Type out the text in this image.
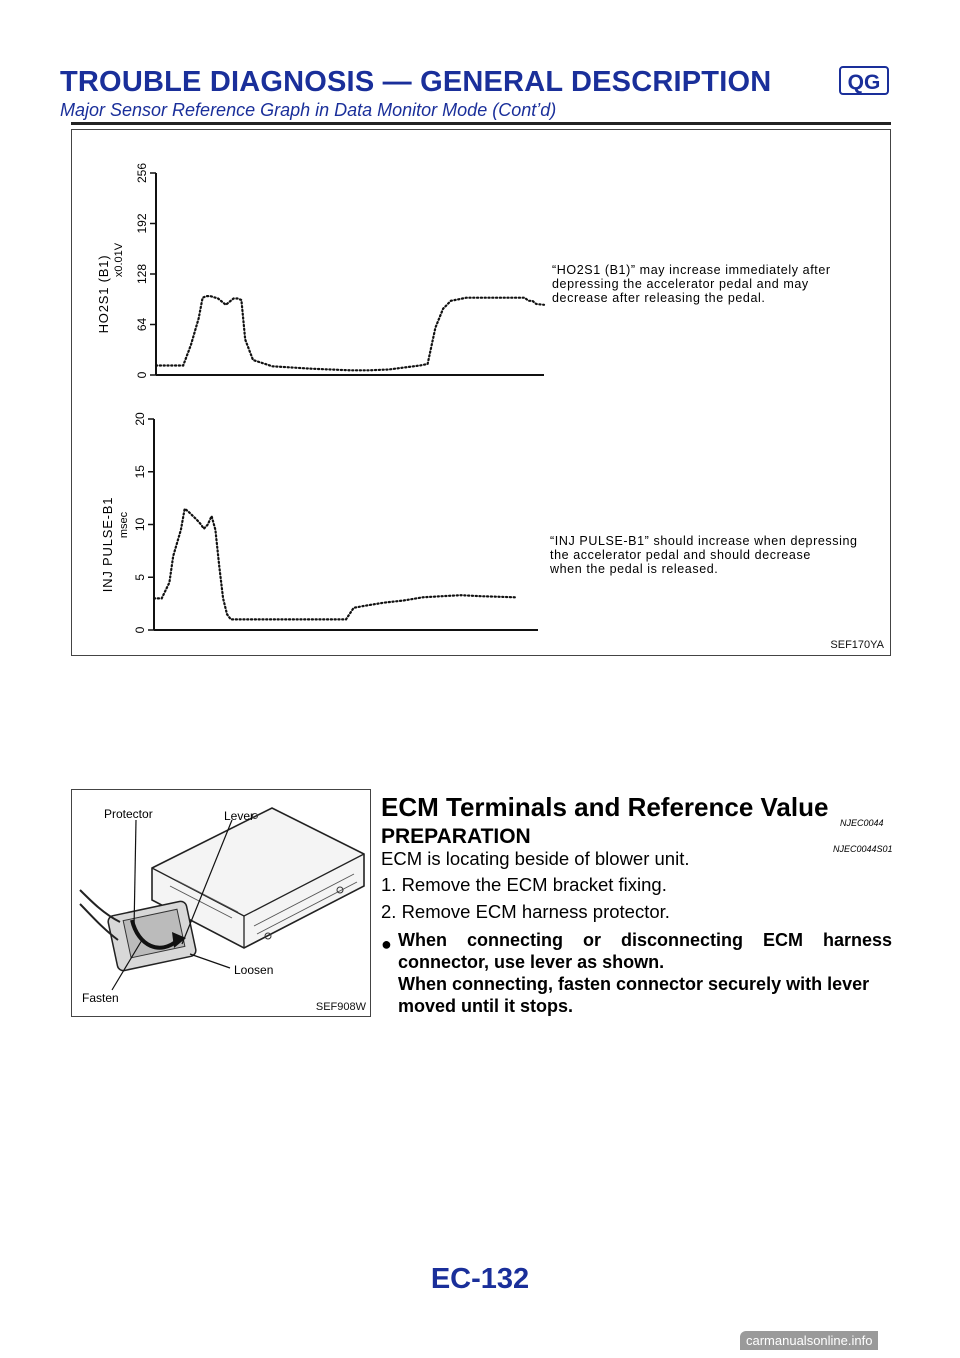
TROUBLE DIAGNOSIS — GENERAL DESCRIPTION	QG
Major Sensor Reference Graph in Data Monitor Mode (Cont’d)
0
64
128
192
256
HO2S1 (B1) x0.01V	“HO2S1 (B1)” may increase immediately after
depressing the accelerator pedal and may
decrease after releasing the pedal.
0
5
10
15
20
INJ PULSE-B1 msec
“INJ PULSE-B1” should increase when depressing
the accelerator pedal and should decrease
when the pedal is released.
SEF170YA
Protector	Lever
Fasten
Loosen
SEF908W
ECM Terminals and Reference Value
NJEC0044
PREPARATION
NJEC0044S01
ECM is locating beside of blower unit.
1. Remove the ECM bracket fixing.
2. Remove ECM harness protector.
● When connecting or disconnecting ECM harness connector, use lever as shown.

When connecting, fasten connector securely with lever moved until it stops.

EC-132
carmanualsonline.info
